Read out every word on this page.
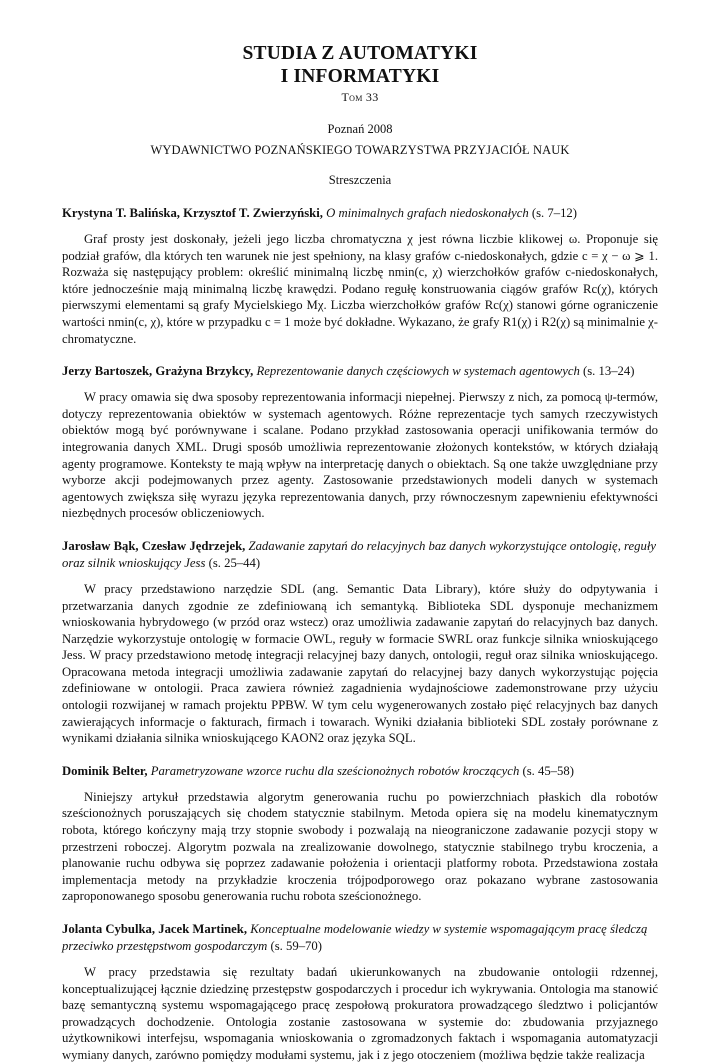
STUDIA Z AUTOMATYKI
I INFORMATYKI
Tom 33
Poznań 2008
WYDAWNICTWO POZNAŃSKIEGO TOWARZYSTWA PRZYJACIÓŁ NAUK
Streszczenia
Krystyna T. Balińska, Krzysztof T. Zwierzyński, O minimalnych grafach niedoskonałych (s. 7–12)

Graf prosty jest doskonały, jeżeli jego liczba chromatyczna χ jest równa liczbie klikowej ω. Proponuje się podział grafów, dla których ten warunek nie jest spełniony, na klasy grafów c-niedoskonałych, gdzie c = χ − ω ⩾ 1. Rozważa się następujący problem: określić minimalną liczbę nmin(c, χ) wierzchołków grafów c-niedoskonałych, które jednocześnie mają minimalną liczbę krawędzi. Podano regułę konstruowania ciągów grafów Rc(χ), których pierwszymi elementami są grafy Mycielskiego Mχ. Liczba wierzchołków grafów Rc(χ) stanowi górne ograniczenie wartości nmin(c, χ), które w przypadku c = 1 może być dokładne. Wykazano, że grafy R1(χ) i R2(χ) są minimalnie χ-chromatyczne.

Jerzy Bartoszek, Grażyna Brzykcy, Reprezentowanie danych częściowych w systemach agentowych (s. 13–24)

W pracy omawia się dwa sposoby reprezentowania informacji niepełnej. Pierwszy z nich, za pomocą ψ-termów, dotyczy reprezentowania obiektów w systemach agentowych. Różne reprezentacje tych samych rzeczywistych obiektów mogą być porównywane i scalane. Podano przykład zastosowania operacji unifikowania termów do integrowania danych XML. Drugi sposób umożliwia reprezentowanie złożonych kontekstów, w których działają agenty programowe. Konteksty te mają wpływ na interpretację danych o obiektach. Są one także uwzględniane przy wyborze akcji podejmowanych przez agenty. Zastosowanie przedstawionych modeli danych w systemach agentowych zwiększa siłę wyrazu języka reprezentowania danych, przy równoczesnym zapewnieniu efektywności niezbędnych procesów obliczeniowych.

Jarosław Bąk, Czesław Jędrzejek, Zadawanie zapytań do relacyjnych baz danych wykorzystujące ontologię, reguły oraz silnik wnioskujący Jess (s. 25–44)

W pracy przedstawiono narzędzie SDL (ang. Semantic Data Library), które służy do odpytywania i przetwarzania danych zgodnie ze zdefiniowaną ich semantyką. Biblioteka SDL dysponuje mechanizmem wnioskowania hybrydowego (w przód oraz wstecz) oraz umożliwia zadawanie zapytań do relacyjnych baz danych. Narzędzie wykorzystuje ontologię w formacie OWL, reguły w formacie SWRL oraz funkcje silnika wnioskującego Jess. W pracy przedstawiono metodę integracji relacyjnej bazy danych, ontologii, reguł oraz silnika wnioskującego. Opracowana metoda integracji umożliwia zadawanie zapytań do relacyjnej bazy danych wykorzystując pojęcia zdefiniowane w ontologii. Praca zawiera również zagadnienia wydajnościowe zademonstrowane przy użyciu ontologii rozwijanej w ramach projektu PPBW. W tym celu wygenerowanych zostało pięć relacyjnych baz danych zawierających informacje o fakturach, firmach i towarach. Wyniki działania biblioteki SDL zostały porównane z wynikami działania silnika wnioskującego KAON2 oraz języka SQL.

Dominik Belter, Parametryzowane wzorce ruchu dla sześcionożnych robotów kroczących (s. 45–58)

Niniejszy artykuł przedstawia algorytm generowania ruchu po powierzchniach płaskich dla robotów sześcionożnych poruszających się chodem statycznie stabilnym. Metoda opiera się na modelu kinematycznym robota, którego kończyny mają trzy stopnie swobody i pozwalają na nieograniczone zadawanie pozycji stopy w przestrzeni roboczej. Algorytm pozwala na zrealizowanie dowolnego, statycznie stabilnego trybu kroczenia, a planowanie ruchu odbywa się poprzez zadawanie położenia i orientacji platformy robota. Przedstawiona została implementacja metody na przykładzie kroczenia trójpodporowego oraz pokazano wybrane zastosowania zaproponowanego sposobu generowania ruchu robota sześcionożnego.

Jolanta Cybulka, Jacek Martinek, Konceptualne modelowanie wiedzy w systemie wspomagającym pracę śledczą przeciwko przestępstwom gospodarczym (s. 59–70)

W pracy przedstawia się rezultaty badań ukierunkowanych na zbudowanie ontologii rdzennej, konceptualizującej łącznie dziedzinę przestępstw gospodarczych i procedur ich wykrywania. Ontologia ma stanowić bazę semantyczną systemu wspomagającego pracę zespołową prokuratora prowadzącego śledztwo i policjantów prowadzących dochodzenie. Ontologia zostanie zastosowana w systemie do: zbudowania przyjaznego użytkownikowi interfejsu, wspomagania wnioskowania o zgromadzonych faktach i wspomagania automatyzacji wymiany danych, zarówno pomiędzy modułami systemu, jak i z jego otoczeniem (możliwa będzie także realizacja
